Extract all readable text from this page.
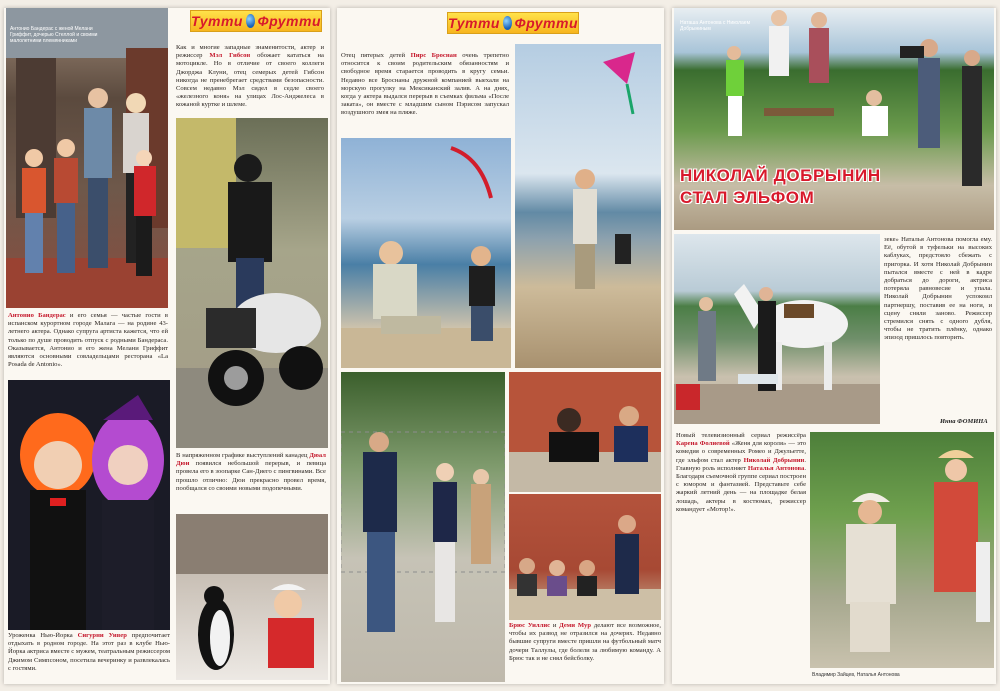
Антонио Бандерас с женой Мелани Гриффит, дочерью Стеллой и своими малолетними племянниками
Тутти Фрутти
Как и многие западные знаменитости, актер и режиссер Мэл Гибсон обожает кататься на мотоцикле. Но в отличие от своего коллеги Джорджа Клуни, отец семерых детей Гибсон никогда не пренебрегает средствами безопасности. Совсем недавно Мэл сидел в седле своего «железного коня» на улицах Лос-Анджелеса в кожаной куртке и шлеме.
Антонио Бандерас и его семья — частые гости в испанском курортном городе Малага — на родине 43-летнего актера. Однако супруга артиста кажется, что ей только по душе проводить отпуск с родными Бандераса. Оказывается, Антонио и его жена Мелани Гриффит являются основными совладельцами ресторана «La Posada de Antonio».
Уроженка Нью-Йорка Сигурни Уивер предпочитает отдыхать в родном городе. На этот раз в клубе Нью-Йорка актриса вместе с мужем, театральным режиссером Джимом Симпсоном, посетила вечеринку и развлекалась с гостями.
В напряженном графике выступлений канадец Дюал Дюи появился небольшой перерыв, и певица провела его в зоопарке Сан-Диего с пингвинами. Все прошло отлично: Дюи прекрасно провел время, пообщался со своими новыми подопечными.
Тутти Фрутти
Отец пятерых детей Пирс Броснан очень трепетно относится к своим родительским обязанностям и свободное время старается проводить в кругу семьи. Недавно все Броснаны дружной компанией выехали на морскую прогулку на Мексиканский залив. А на днях, когда у актера выдался перерыв в съемках фильма «После заката», он вместе с младшим сыном Пэрисом запускал воздушного змея на пляже.
Брюс Уиллис и Деми Мур делают все возможное, чтобы их развод не отразился на дочерях. Недавно бывшие супруги вместе пришли на футбольный матч дочери Таллулы, где болели за любимую команду. А Брюс так и не снял бейсболку.
Наташа Антонова с Николаем Добрыниным
НИКОЛАЙ ДОБРЫНИН
СТАЛ ЭЛЬФОМ
зеке» Наталья Антонова помогла ему. Её, обутой в туфельки на высоких каблуках, предстояло сбежать с пригорка. И хотя Николай Добрынин пытался вместе с ней в кадре добраться до дороги, актриса потеряла равновесие и упала. Николай Добрынин успокоил партнершу, поставив ее на ноги, и сцену сняли заново. Режиссер стремился снять с одного дубля, чтобы не тратить плёнку, однако эпизод пришлось повторить.
Инна ФОМИНА
Новый телевизионный сериал режиссёра Карена Фолиевой «Женя для короля» — это комедия о современных Ромео и Джульетте, где эльфом стал актер Николай Добрынин. Главную роль исполняет Наталья Антонова. Благодаря съемочной группе сериал построен с юмором и фантазией. Представьте себе жаркий летний день — на площадке белая лошадь, актеры в костюмах, режиссер командует «Мотор!».
Владимир Зайцев, Наталья Антонова
